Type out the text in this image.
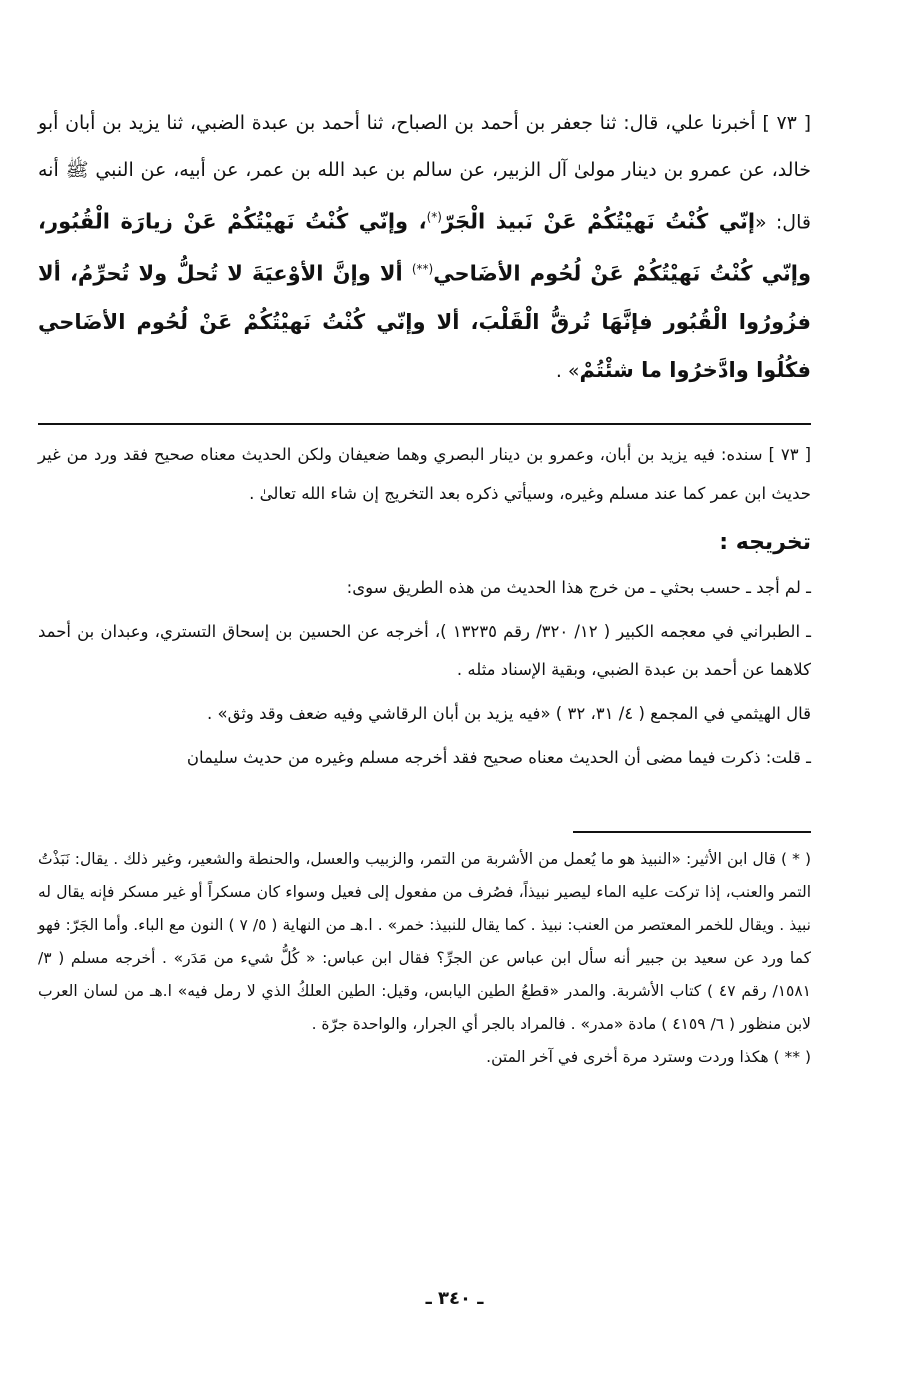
[ ٧٣ ] أخبرنا علي، قال: ثنا جعفر بن أحمد بن الصباح، ثنا أحمد بن عبدة الضبي، ثنا يزيد بن أبان أبو خالد، عن عمرو بن دينار مولىٰ آل الزبير، عن سالم بن عبد الله بن عمر، عن أبيه، عن النبي ﷺ أنه قال: «إنّي كُنْتُ نَهيْتُكُمْ عَنْ نَبيذ الْجَرّ(*)، وإنّي كُنْتُ نَهيْتُكُمْ عَنْ زيارَة الْقُبُور، وإنّي كُنْتُ نَهيْتُكُمْ عَنْ لُحُوم الأضَاحي(**) ألا وإنَّ الأوْعيَةَ لا تُحلُّ ولا تُحرِّمُ، ألا فزُورُوا الْقُبُور فإنَّهَا تُرقُّ الْقَلْبَ، ألا وإنّي كُنْتُ نَهيْتُكُمْ عَنْ لُحُوم الأضَاحي فكُلُوا وادَّخرُوا ما شئْتُمْ» .

[ ٧٣ ] سنده: فيه يزيد بن أبان، وعمرو بن دينار البصري وهما ضعيفان ولكن الحديث معناه صحيح فقد ورد من غير حديث ابن عمر كما عند مسلم وغيره، وسيأتي ذكره بعد التخريج إن شاء الله تعالىٰ .

تخريجه :

ـ لم أجد ـ حسب بحثي ـ من خرج هذا الحديث من هذه الطريق سوى:

ـ الطبراني في معجمه الكبير ( ١٢/ ٣٢٠/ رقم ١٣٢٣٥ )، أخرجه عن الحسين بن إسحاق التستري، وعبدان بن أحمد كلاهما عن أحمد بن عبدة الضبي، وبقية الإسناد مثله .

قال الهيثمي في المجمع ( ٤/ ٣١، ٣٢ ) «فيه يزيد بن أبان الرقاشي وفيه ضعف وقد وثق» .

ـ قلت: ذكرت فيما مضى أن الحديث معناه صحيح فقد أخرجه مسلم وغيره من حديث سليمان

( * ) قال ابن الأثير: «النبيذ هو ما يُعمل من الأشربة من التمر، والزبيب والعسل، والحنطة والشعير، وغير ذلك . يقال: نَبَذْتُ التمر والعنب، إذا تركت عليه الماء ليصير نبيذاً، فصُرف من مفعول إلى فعيل وسواء كان مسكراً أو غير مسكر فإنه يقال له نبيذ . ويقال للخمر المعتصر من العنب: نبيذ . كما يقال للنبيذ: خمر» . ا.هـ من النهاية ( ٥/ ٧ ) النون مع الباء. وأما الجَرّ: فهو كما ورد عن سعيد بن جبير أنه سأل ابن عباس عن الجرِّ؟ فقال ابن عباس: « كُلُّ شيء من مَدَر» . أخرجه مسلم ( ٣/ ١٥٨١/ رقم ٤٧ ) كتاب الأشربة. والمدر «قطعُ الطين اليابس، وقيل: الطين العلكُ الذي لا رمل فيه» ا.هـ من لسان العرب لابن منظور ( ٦/ ٤١٥٩ ) مادة «مدر» . فالمراد بالجر أي الجرار، والواحدة جرّة .

( ** ) هكذا وردت وسترد مرة أخرى في آخر المتن.

ـ ٣٤٠ ـ
